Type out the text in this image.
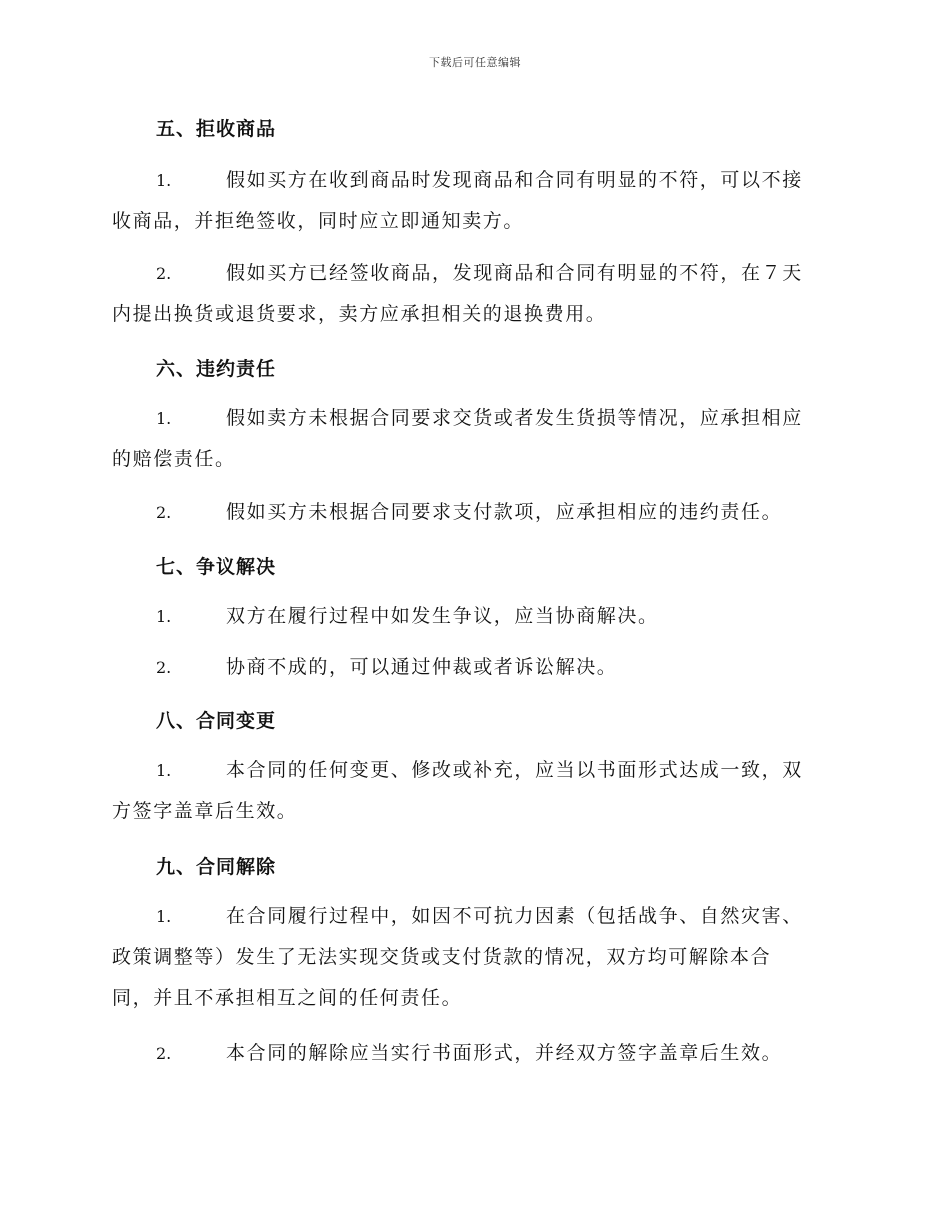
下载后可任意编辑
五、拒收商品
1.	假如买方在收到商品时发现商品和合同有明显的不符，可以不接
收商品，并拒绝签收，同时应立即通知卖方。
2.	假如买方已经签收商品，发现商品和合同有明显的不符，在７天
内提出换货或退货要求，卖方应承担相关的退换费用。
六、违约责任
1.	假如卖方未根据合同要求交货或者发生货损等情况，应承担相应
的赔偿责任。
2.	假如买方未根据合同要求支付款项，应承担相应的违约责任。
七、争议解决
1.	双方在履行过程中如发生争议，应当协商解决。
2.	协商不成的，可以通过仲裁或者诉讼解决。
八、合同变更
1.	本合同的任何变更、修改或补充，应当以书面形式达成一致，双
方签字盖章后生效。
九、合同解除
1.	在合同履行过程中，如因不可抗力因素（包括战争、自然灾害、
政策调整等）发生了无法实现交货或支付货款的情况，双方均可解除本合
同，并且不承担相互之间的任何责任。
2.	本合同的解除应当实行书面形式，并经双方签字盖章后生效。
